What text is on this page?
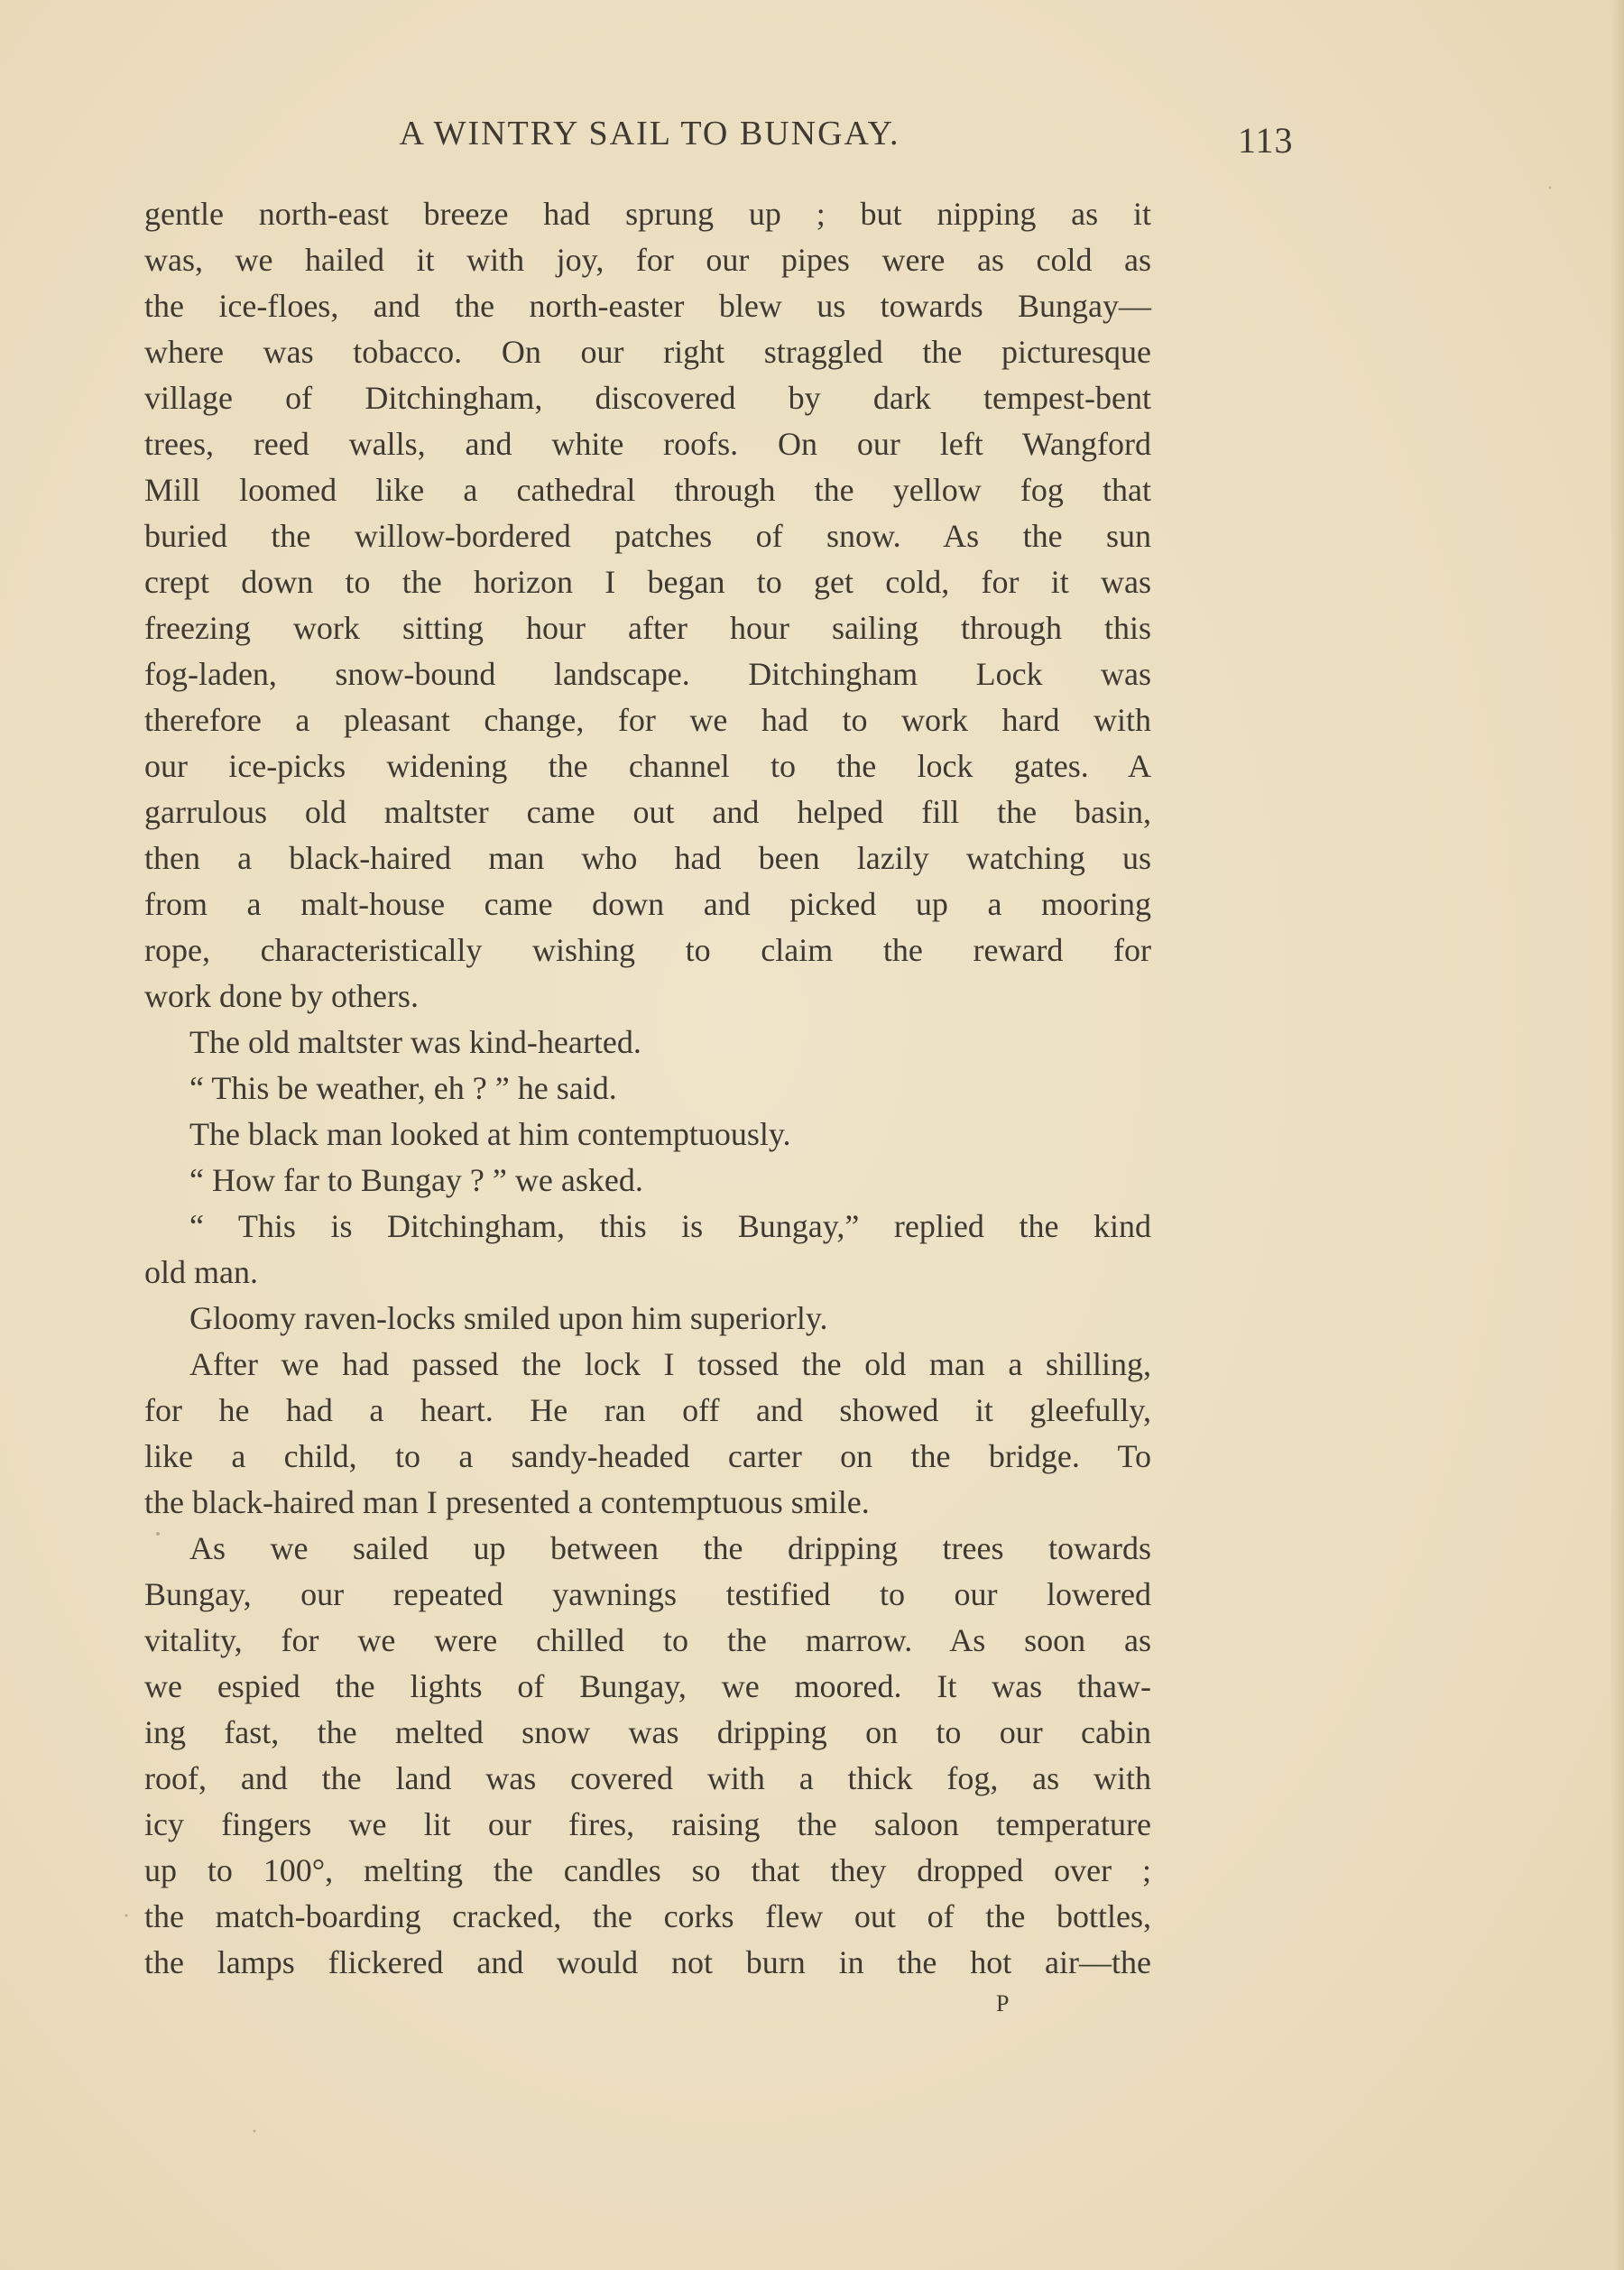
A WINTRY SAIL TO BUNGAY.	113
gentle north-east breeze had sprung up ; but nipping as it
was, we hailed it with joy, for our pipes were as cold as
the ice-floes, and the north-easter blew us towards Bungay—
where was tobacco. On our right straggled the picturesque
village of Ditchingham, discovered by dark tempest-bent
trees, reed walls, and white roofs. On our left Wangford
Mill loomed like a cathedral through the yellow fog that
buried the willow-bordered patches of snow. As the sun
crept down to the horizon I began to get cold, for it was
freezing work sitting hour after hour sailing through this
fog-laden, snow-bound landscape. Ditchingham Lock was
therefore a pleasant change, for we had to work hard with
our ice-picks widening the channel to the lock gates. A
garrulous old maltster came out and helped fill the basin,
then a black-haired man who had been lazily watching us
from a malt-house came down and picked up a mooring
rope, characteristically wishing to claim the reward for
work done by others.
The old maltster was kind-hearted.
“ This be weather, eh ? ” he said.
The black man looked at him contemptuously.
“ How far to Bungay ? ” we asked.
“ This is Ditchingham, this is Bungay,” replied the kind
old man.
Gloomy raven-locks smiled upon him superiorly.
After we had passed the lock I tossed the old man a shilling,
for he had a heart. He ran off and showed it gleefully,
like a child, to a sandy-headed carter on the bridge. To
the black-haired man I presented a contemptuous smile.
As we sailed up between the dripping trees towards
Bungay, our repeated yawnings testified to our lowered
vitality, for we were chilled to the marrow. As soon as
we espied the lights of Bungay, we moored. It was thaw-
ing fast, the melted snow was dripping on to our cabin
roof, and the land was covered with a thick fog, as with
icy fingers we lit our fires, raising the saloon temperature
up to 100°, melting the candles so that they dropped over ;
the match-boarding cracked, the corks flew out of the bottles,
the lamps flickered and would not burn in the hot air—the
P
